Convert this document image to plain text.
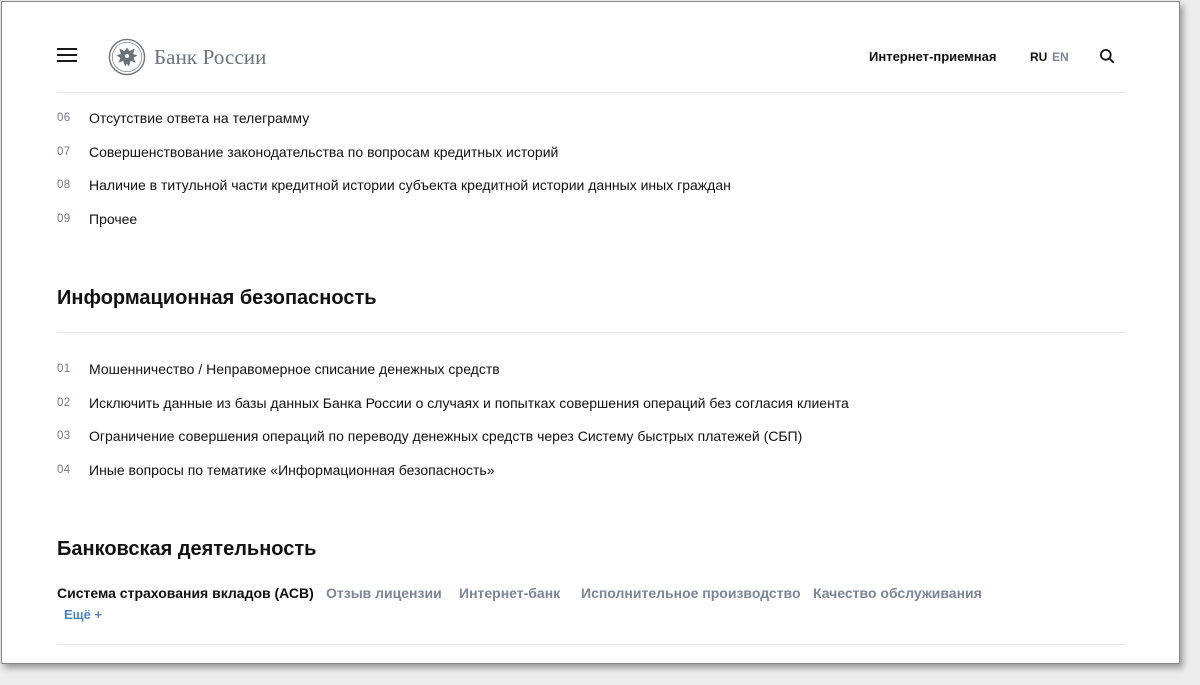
Банк России	Интернет-приемная	RU EN
06	Отсутствие ответа на телеграмму
07	Совершенствование законодательства по вопросам кредитных историй
08	Наличие в титульной части кредитной истории субъекта кредитной истории данных иных граждан
09	Прочее
Информационная безопасность
01	Мошенничество / Неправомерное списание денежных средств
02	Исключить данные из базы данных Банка России о случаях и попытках совершения операций без согласия клиента
03	Ограничение совершения операций по переводу денежных средств через Систему быстрых платежей (СБП)
04	Иные вопросы по тематике «Информационная безопасность»
Банковская деятельность
Система страхования вкладов (АСВ) Отзыв лицензии Интернет-банк Исполнительное производство Качество обслуживания
Ещё +
